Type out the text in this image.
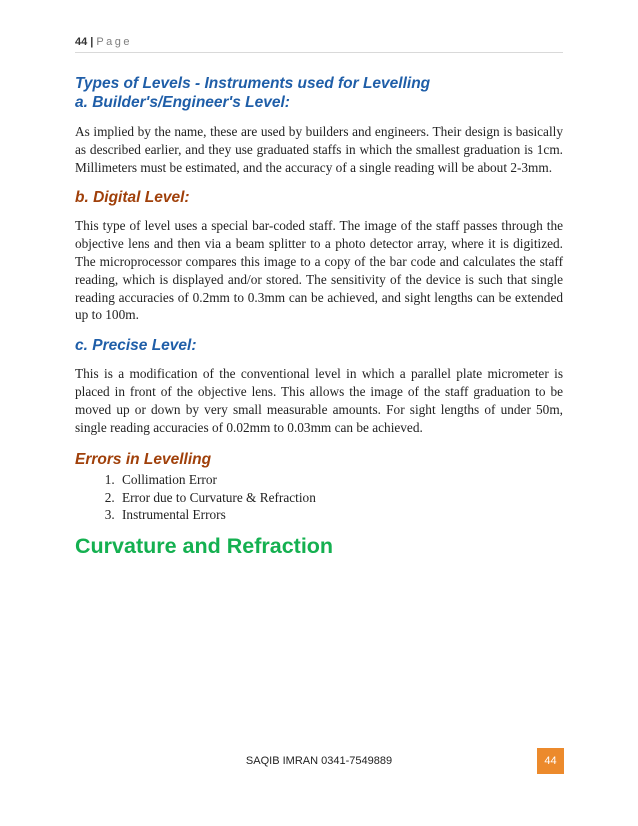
44 | Page
Types of Levels - Instruments used for Levelling
a. Builder's/Engineer's Level:

As implied by the name, these are used by builders and engineers. Their design is basically as described earlier, and they use graduated staffs in which the smallest graduation is 1cm. Millimeters must be estimated, and the accuracy of a single reading will be about 2-3mm.

b. Digital Level:

This type of level uses a special bar-coded staff. The image of the staff passes through the objective lens and then via a beam splitter to a photo detector array, where it is digitized. The microprocessor compares this image to a copy of the bar code and calculates the staff reading, which is displayed and/or stored. The sensitivity of the device is such that single reading accuracies of 0.2mm to 0.3mm can be achieved, and sight lengths can be extended up to 100m.

c. Precise Level:

This is a modification of the conventional level in which a parallel plate micrometer is placed in front of the objective lens. This allows the image of the staff graduation to be moved up or down by very small measurable amounts. For sight lengths of under 50m, single reading accuracies of 0.02mm to 0.03mm can be achieved.

Errors in Levelling
1. Collimation Error
2. Error due to Curvature & Refraction
3. Instrumental Errors
Curvature and Refraction
SAQIB IMRAN 0341-7549889	44
